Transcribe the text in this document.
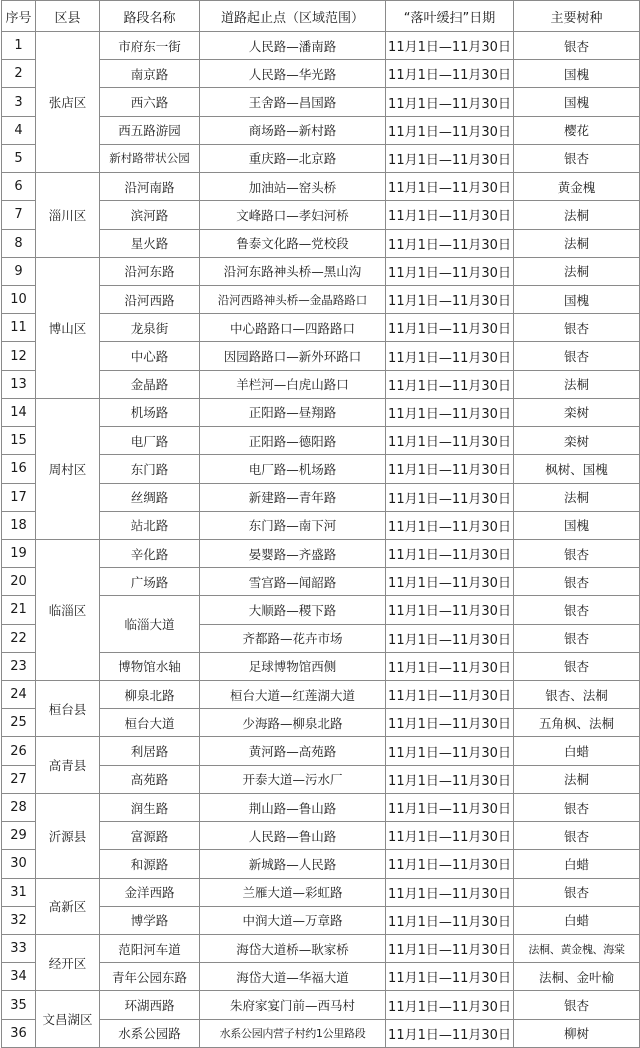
序号	区县	路段名称	道路起止点（区域范围）	“落叶缓扫”日期	主要树种
1	张店区	市府东一街	人民路—潘南路	11月1日—11月30日	银杏
2		南京路	人民路—华光路	11月1日—11月30日	国槐
3		西六路	王舍路—昌国路	11月1日—11月30日	国槐
4		西五路游园	商场路—新村路	11月1日—11月30日	樱花
5		新村路带状公园	重庆路—北京路	11月1日—11月30日	银杏
6	淄川区	沿河南路	加油站—窑头桥	11月1日—11月30日	黄金槐
7		滨河路	文峰路口—孝妇河桥	11月1日—11月30日	法桐
8		星火路	鲁泰文化路—党校段	11月1日—11月30日	法桐
9	博山区	沿河东路	沿河东路神头桥—黑山沟	11月1日—11月30日	法桐
10		沿河西路	沿河西路神头桥—金晶路路口	11月1日—11月30日	国槐
11		龙泉街	中心路路口—四路路口	11月1日—11月30日	银杏
12		中心路	因园路路口—新外环路口	11月1日—11月30日	银杏
13		金晶路	羊栏河—白虎山路口	11月1日—11月30日	法桐
14	周村区	机场路	正阳路—昼翔路	11月1日—11月30日	栾树
15		电厂路	正阳路—德阳路	11月1日—11月30日	栾树
16		东门路	电厂路—机场路	11月1日—11月30日	枫树、国槐
17		丝绸路	新建路—青年路	11月1日—11月30日	法桐
18		站北路	东门路—南下河	11月1日—11月30日	国槐
19	临淄区	辛化路	晏婴路—齐盛路	11月1日—11月30日	银杏
20		广场路	雪宫路—闻韶路	11月1日—11月30日	银杏
21		临淄大道	大顺路—稷下路	11月1日—11月30日	银杏
22			齐都路—花卉市场	11月1日—11月30日	银杏
23		博物馆水轴	足球博物馆西侧	11月1日—11月30日	银杏
24	桓台县	柳泉北路	桓台大道—红莲湖大道	11月1日—11月30日	银杏、法桐
25		桓台大道	少海路—柳泉北路	11月1日—11月30日	五角枫、法桐
26	高青县	利居路	黄河路—高苑路	11月1日—11月30日	白蜡
27		高苑路	开泰大道—污水厂	11月1日—11月30日	法桐
28	沂源县	润生路	荆山路—鲁山路	11月1日—11月30日	银杏
29		富源路	人民路—鲁山路	11月1日—11月30日	银杏
30		和源路	新城路—人民路	11月1日—11月30日	白蜡
31	高新区	金洋西路	兰雁大道—彩虹路	11月1日—11月30日	银杏
32		博学路	中润大道—万章路	11月1日—11月30日	白蜡
33	经开区	范阳河车道	海岱大道桥—耿家桥	11月1日—11月30日	法桐、黄金槐、海棠
34		青年公园东路	海岱大道—华福大道	11月1日—11月30日	法桐、金叶榆
35	文昌湖区	环湖西路	朱府家宴门前—西马村	11月1日—11月30日	银杏
36		水系公园路	水系公园内营子村约1公里路段	11月1日—11月30日	柳树
